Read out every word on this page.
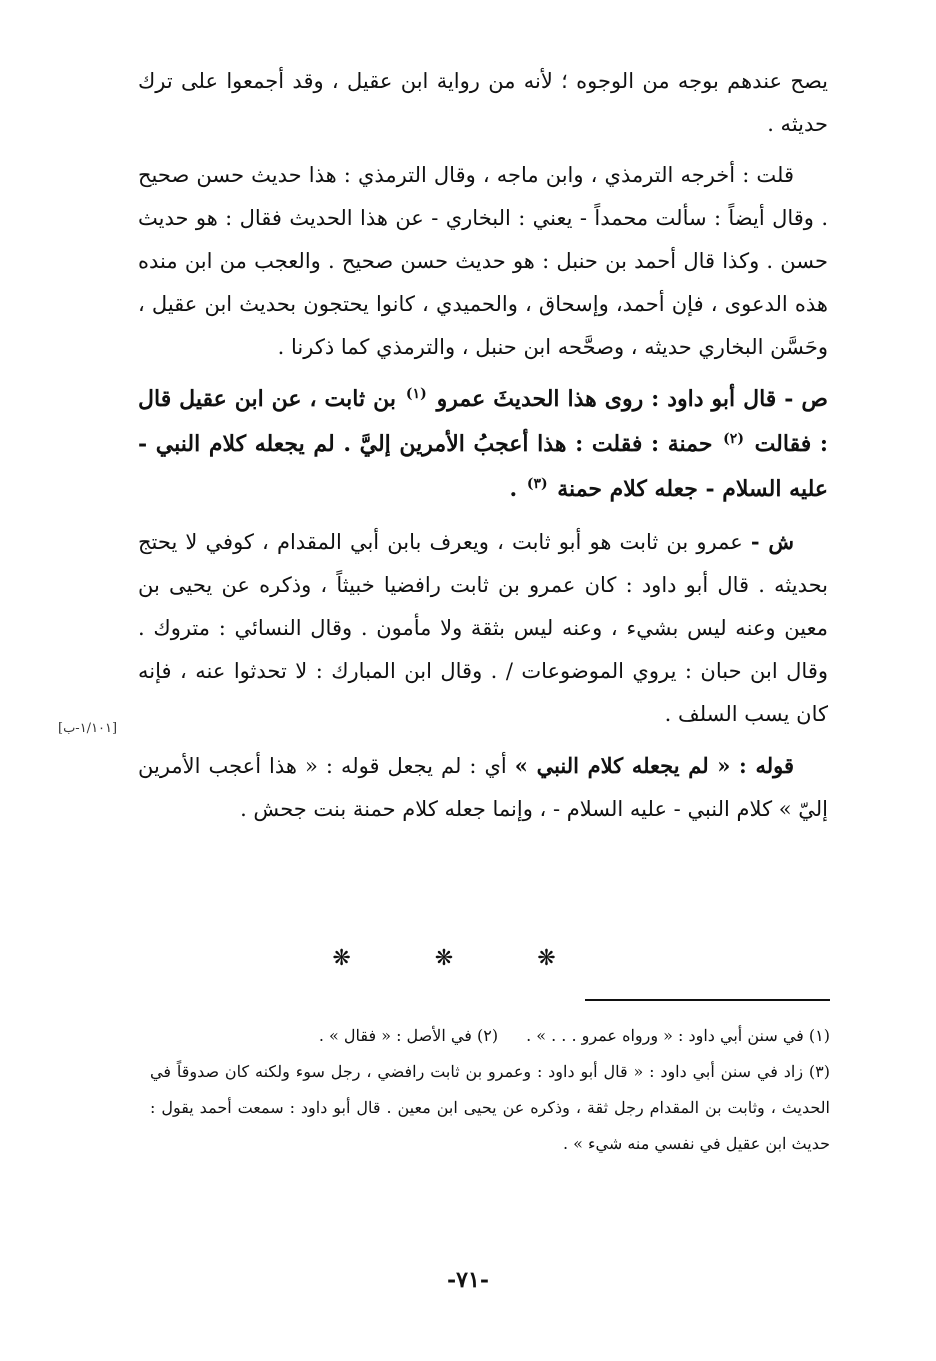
يصح عندهم بوجه من الوجوه ؛ لأنه من رواية ابن عقيل ، وقد أجمعوا على ترك حديثه .

قلت : أخرجه الترمذي ، وابن ماجه ، وقال الترمذي : هذا حديث حسن صحيح . وقال أيضاً : سألت محمداً - يعني : البخاري - عن هذا الحديث فقال : هو حديث حسن . وكذا قال أحمد بن حنبل : هو حديث حسن صحيح . والعجب من ابن منده هذه الدعوى ، فإن أحمد، وإسحاق ، والحميدي ، كانوا يحتجون بحديث ابن عقيل ، وحَسَّن البخاري حديثه ، وصحَّحه ابن حنبل ، والترمذي كما ذكرنا .

ص - قال أبو داود : روى هذا الحديثَ عمرو $^{(١)}$ بن ثابت ، عن ابن عقيل قال : فقالت $^{(٢)}$ حمنة : فقلت : هذا أعجبُ الأمرين إليَّ . لم يجعله كلام النبي - عليه السلام - جعله كلام حمنة $^{(٣)}$ .

ش - عمرو بن ثابت هو أبو ثابت ، ويعرف بابن أبي المقدام ، كوفي لا يحتج بحديثه . قال أبو داود : كان عمرو بن ثابت رافضيا خبيثاً ، وذكره عن يحيى بن معين وعنه ليس بشيء ، وعنه ليس بثقة ولا مأمون . وقال النسائي : متروك . وقال ابن حبان : يروي الموضوعات / . وقال ابن المبارك : لا تحدثوا عنه ، فإنه كان يسب السلف .

قوله : « لم يجعله كلام النبي » أي : لم يجعل قوله : « هذا أعجب الأمرين إليّ » كلام النبي - عليه السلام - ، وإنما جعله كلام حمنة بنت جحش .

[١/١٠١-ب]
❋ ❋ ❋
(١) في سنن أبي داود : « ورواه عمرو . . . » .
(٢) في الأصل : « فقال » .
(٣) زاد في سنن أبي داود : « قال أبو داود : وعمرو بن ثابت رافضي ، رجل سوء ولكنه كان صدوقاً في الحديث ، وثابت بن المقدام رجل ثقة ، وذكره عن يحيى ابن معين . قال أبو داود : سمعت أحمد يقول : حديث ابن عقيل في نفسي منه شيء » .
-٧١-
